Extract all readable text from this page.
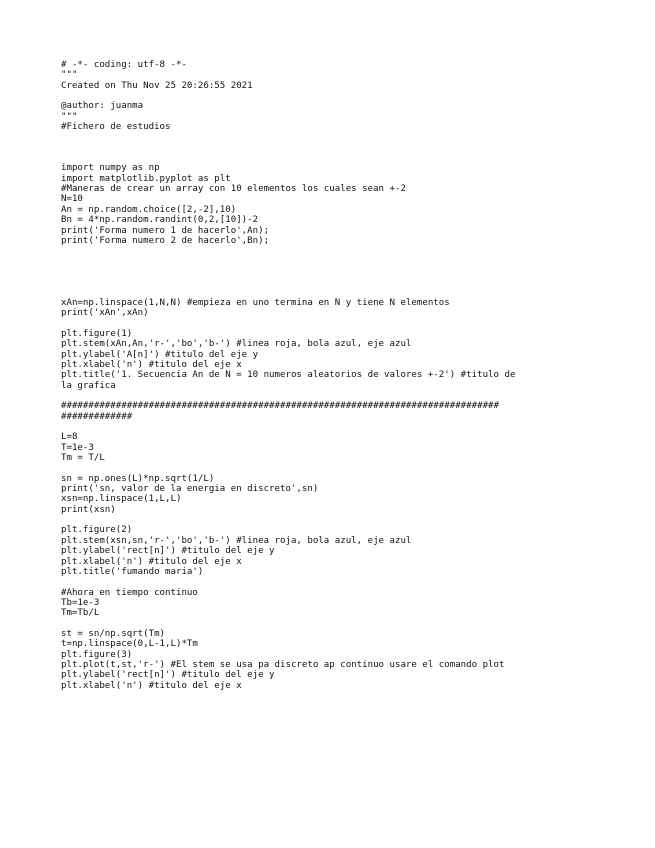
# -*- coding: utf-8 -*-
"""
Created on Thu Nov 25 20:26:55 2021
@author: juanma
"""
#Fichero de estudios
import numpy as np
import matplotlib.pyplot as plt
#Maneras de crear un array con 10 elementos los cuales sean +-2
N=10
An = np.random.choice([2,-2],10)
Bn = 4*np.random.randint(0,2,[10])-2
print('Forma numero 1 de hacerlo',An);
print('Forma numero 2 de hacerlo',Bn);
xAn=np.linspace(1,N,N) #empieza en uno termina en N y tiene N elementos
print('xAn',xAn)
plt.figure(1)
plt.stem(xAn,An,'r-','bo','b-') #linea roja, bola azul, eje azul
plt.ylabel('A[n]') #titulo del eje y
plt.xlabel('n') #titulo del eje x
plt.title('1. Secuencia An de N = 10 numeros aleatorios de valores +-2') #titulo de
la grafica
################################################################################
#############
L=8
T=1e-3
Tm = T/L
sn = np.ones(L)*np.sqrt(1/L)
print('sn, valor de la energia en discreto',sn)
xsn=np.linspace(1,L,L)
print(xsn)
plt.figure(2)
plt.stem(xsn,sn,'r-','bo','b-') #linea roja, bola azul, eje azul
plt.ylabel('rect[n]') #titulo del eje y
plt.xlabel('n') #titulo del eje x
plt.title('fumando maria')
#Ahora en tiempo continuo
Tb=1e-3
Tm=Tb/L
st = sn/np.sqrt(Tm)
t=np.linspace(0,L-1,L)*Tm
plt.figure(3)
plt.plot(t,st,'r-') #El stem se usa pa discreto ap continuo usare el comando plot
plt.ylabel('rect[n]') #titulo del eje y
plt.xlabel('n') #titulo del eje x
